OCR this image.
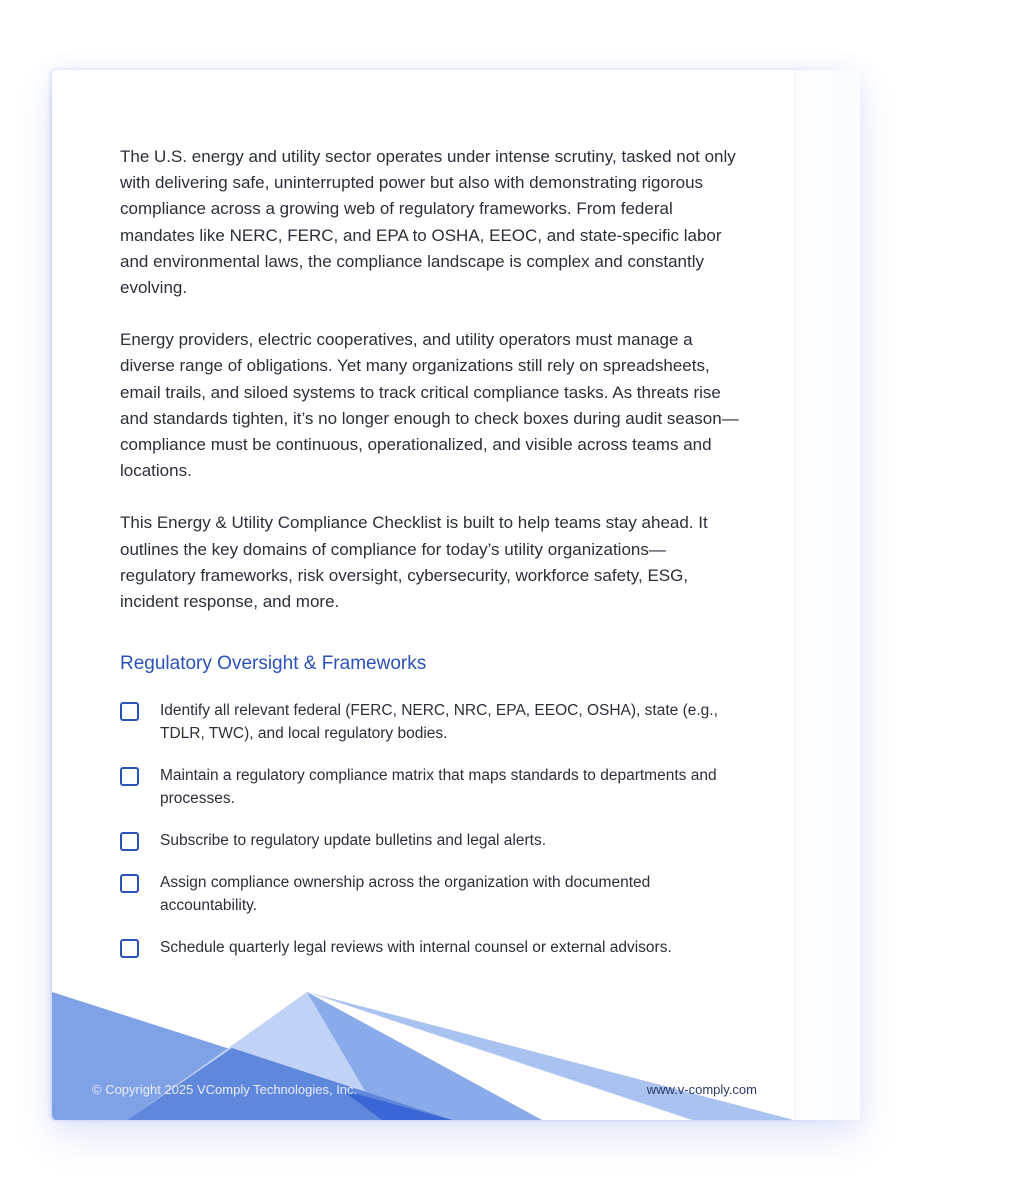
The U.S. energy and utility sector operates under intense scrutiny, tasked not only with delivering safe, uninterrupted power but also with demonstrating rigorous compliance across a growing web of regulatory frameworks. From federal mandates like NERC, FERC, and EPA to OSHA, EEOC, and state-specific labor and environmental laws, the compliance landscape is complex and constantly evolving.

Energy providers, electric cooperatives, and utility operators must manage a diverse range of obligations. Yet many organizations still rely on spreadsheets, email trails, and siloed systems to track critical compliance tasks. As threats rise and standards tighten, it’s no longer enough to check boxes during audit season—compliance must be continuous, operationalized, and visible across teams and locations.

This Energy & Utility Compliance Checklist is built to help teams stay ahead. It outlines the key domains of compliance for today’s utility organizations—regulatory frameworks, risk oversight, cybersecurity, workforce safety, ESG, incident response, and more.

Regulatory Oversight & Frameworks
Identify all relevant federal (FERC, NERC, NRC, EPA, EEOC, OSHA), state (e.g., TDLR, TWC), and local regulatory bodies.
Maintain a regulatory compliance matrix that maps standards to departments and processes.
Subscribe to regulatory update bulletins and legal alerts.
Assign compliance ownership across the organization with documented accountability.
Schedule quarterly legal reviews with internal counsel or external advisors.
© Copyright 2025 VComply Technologies, Inc.	www.v-comply.com
